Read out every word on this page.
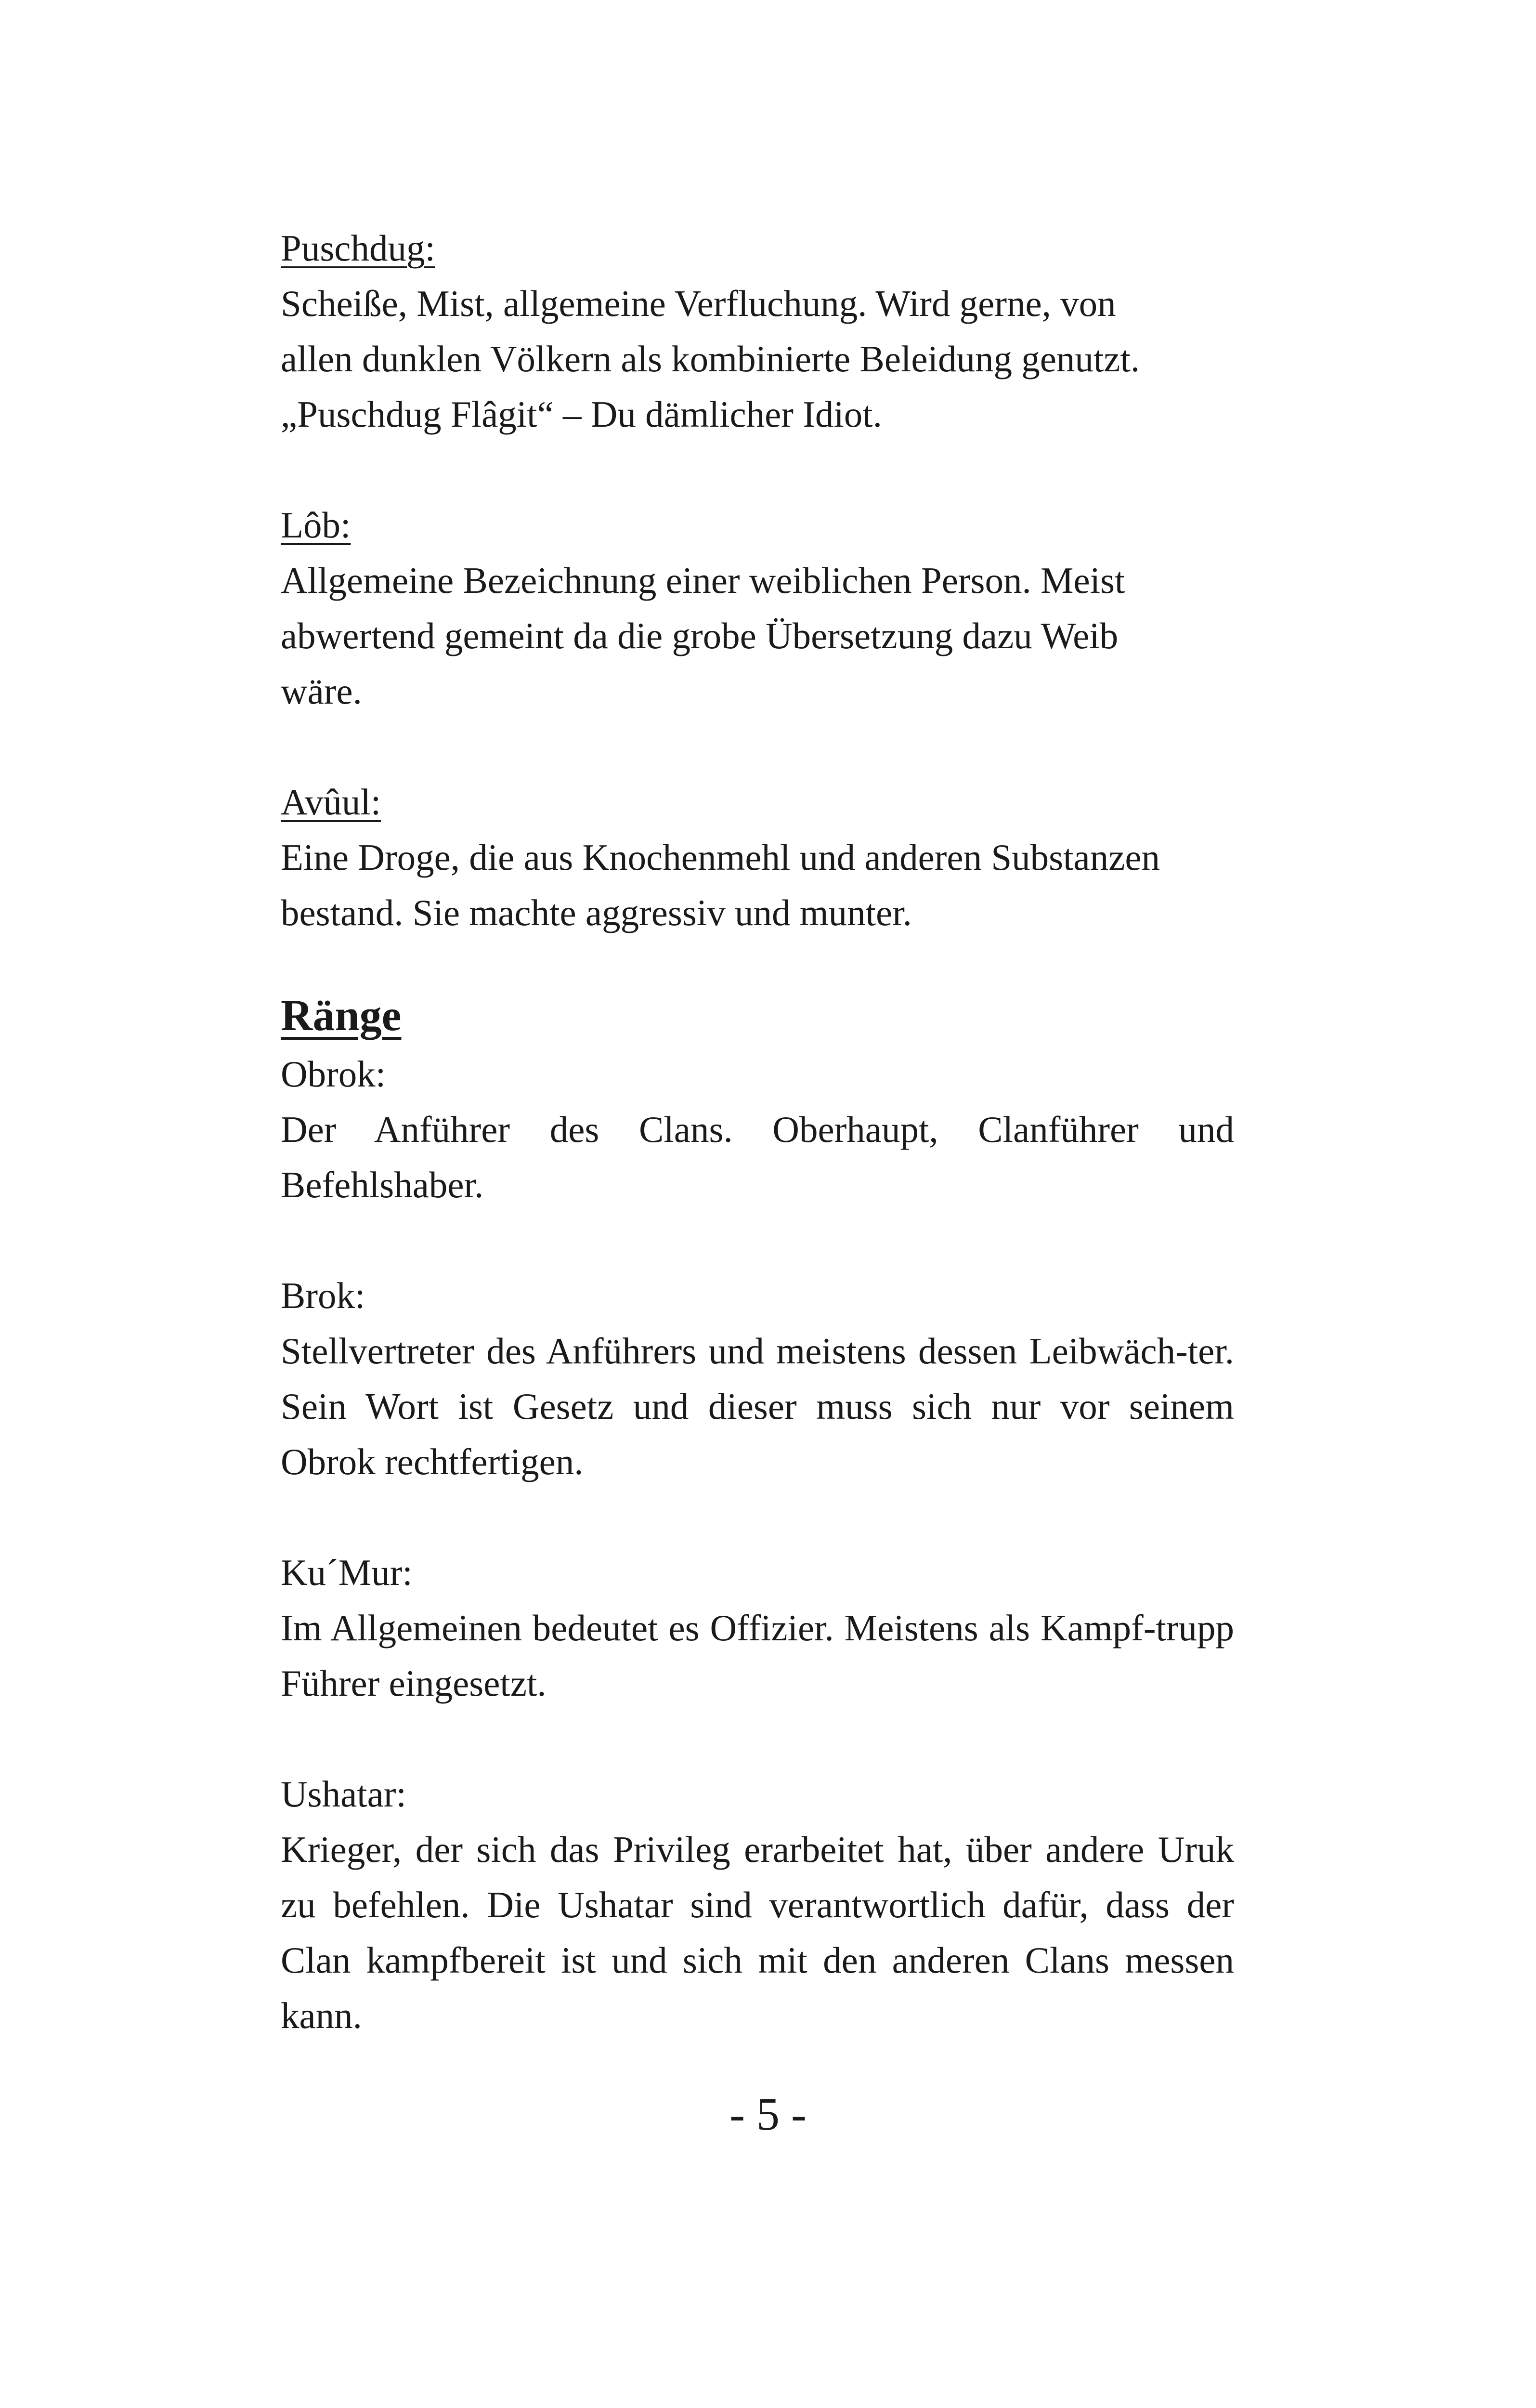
Puschdug:
Scheiße, Mist, allgemeine Verfluchung. Wird gerne, von
allen dunklen Völkern als kombinierte Beleidung genutzt.
„Puschdug Flâgit“ – Du dämlicher Idiot.
Lôb:
Allgemeine Bezeichnung einer weiblichen Person. Meist
abwertend gemeint da die grobe Übersetzung dazu Weib
wäre.
Avûul:
Eine Droge, die aus Knochenmehl und anderen Substanzen
bestand. Sie machte aggressiv und munter.
Ränge
Obrok:
Der Anführer des Clans. Oberhaupt, Clanführer und Befehlshaber.
Brok:
Stellvertreter des Anführers und meistens dessen Leibwäch-ter. Sein Wort ist Gesetz und dieser muss sich nur vor seinem Obrok rechtfertigen.
Ku´Mur:
Im Allgemeinen bedeutet es Offizier. Meistens als Kampf-trupp Führer eingesetzt.
Ushatar:
Krieger, der sich das Privileg erarbeitet hat, über andere Uruk zu befehlen. Die Ushatar sind verantwortlich dafür, dass der Clan kampfbereit ist und sich mit den anderen Clans messen kann.
- 5 -
